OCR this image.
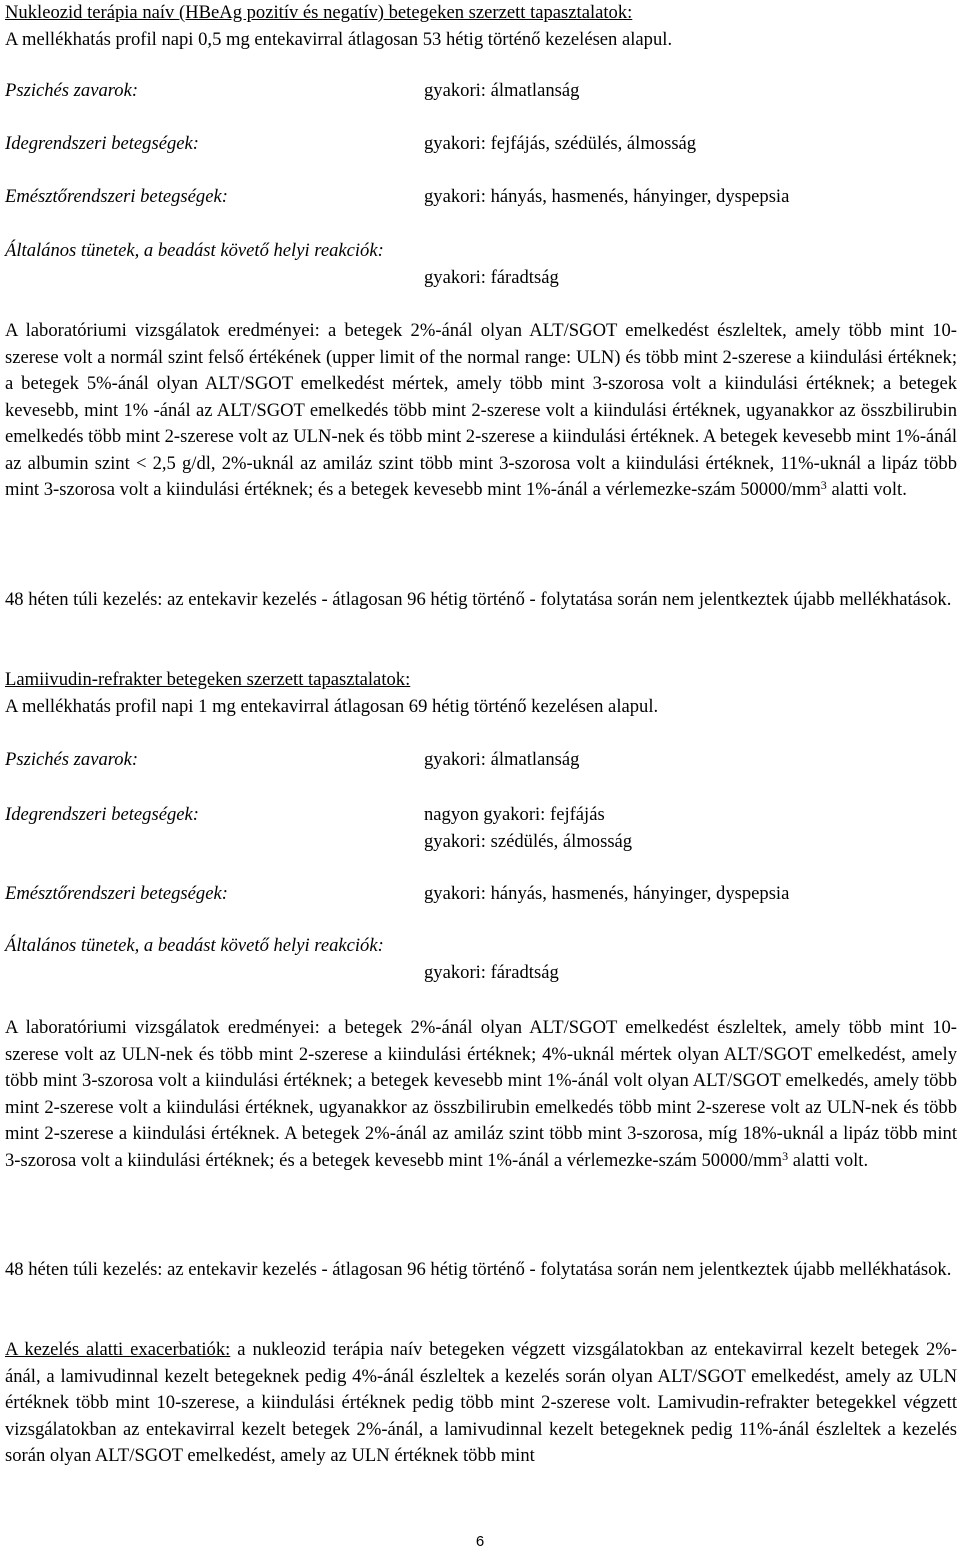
Nukleozid terápia naív (HBeAg pozitív és negatív) betegeken szerzett tapasztalatok:
A mellékhatás profil napi 0,5 mg entekavirral átlagosan 53 hétig történő kezelésen alapul.

Pszichés zavarok:	gyakori: álmatlanság

Idegrendszeri betegségek:	gyakori: fejfájás, szédülés, álmosság

Emésztőrendszeri betegségek:	gyakori: hányás, hasmenés, hányinger, dyspepsia

Általános tünetek, a beadást követő helyi reakciók:

gyakori: fáradtság

A laboratóriumi vizsgálatok eredményei: a betegek 2%-ánál olyan ALT/SGOT emelkedést észleltek, amely több mint 10-szerese volt a normál szint felső értékének (upper limit of the normal range: ULN) és több mint 2-szerese a kiindulási értéknek; a betegek 5%-ánál olyan ALT/SGOT emelkedést mértek, amely több mint 3-szorosa volt a kiindulási értéknek; a betegek kevesebb, mint 1% -ánál az ALT/SGOT emelkedés több mint 2-szerese volt a kiindulási értéknek, ugyanakkor az összbilirubin emelkedés több mint 2-szerese volt az ULN-nek és több mint 2-szerese a kiindulási értéknek. A betegek kevesebb mint 1%-ánál az albumin szint < 2,5 g/dl, 2%-uknál az amiláz szint több mint 3-szorosa volt a kiindulási értéknek, 11%-uknál a lipáz több mint 3-szorosa volt a kiindulási értéknek; és a betegek kevesebb mint 1%-ánál a vérlemezke-szám $50000/mm^3$ alatti volt.

48 héten túli kezelés: az entekavir kezelés - átlagosan 96 hétig történő - folytatása során nem jelentkeztek újabb mellékhatások.

Lamiivudin-refrakter betegeken szerzett tapasztalatok:
A mellékhatás profil napi 1 mg entekavirral átlagosan 69 hétig történő kezelésen alapul.

Pszichés zavarok:	gyakori: álmatlanság

Idegrendszeri betegségek:	nagyon gyakori: fejfájás
gyakori: szédülés, álmosság

Emésztőrendszeri betegségek:	gyakori: hányás, hasmenés, hányinger, dyspepsia

Általános tünetek, a beadást követő helyi reakciók:

gyakori: fáradtság

A laboratóriumi vizsgálatok eredményei: a betegek 2%-ánál olyan ALT/SGOT emelkedést észleltek, amely több mint 10-szerese volt az ULN-nek és több mint 2-szerese a kiindulási értéknek; 4%-uknál mértek olyan ALT/SGOT emelkedést, amely több mint 3-szorosa volt a kiindulási értéknek; a betegek kevesebb mint 1%-ánál volt olyan ALT/SGOT emelkedés, amely több mint 2-szerese volt a kiindulási értéknek, ugyanakkor az összbilirubin emelkedés több mint 2-szerese volt az ULN-nek és több mint 2-szerese a kiindulási értéknek. A betegek 2%-ánál az amiláz szint több mint 3-szorosa, míg 18%-uknál a lipáz több mint 3-szorosa volt a kiindulási értéknek; és a betegek kevesebb mint 1%-ánál a vérlemezke-szám $50000/mm^3$ alatti volt.

48 héten túli kezelés: az entekavir kezelés - átlagosan 96 hétig történő - folytatása során nem jelentkeztek újabb mellékhatások.

A kezelés alatti exacerbatiók: a nukleozid terápia naív betegeken végzett vizsgálatokban az entekavirral kezelt betegek 2%-ánál, a lamivudinnal kezelt betegeknek pedig 4%-ánál észleltek a kezelés során olyan ALT/SGOT emelkedést, amely az ULN értéknek több mint 10-szerese, a kiindulási értéknek pedig több mint 2-szerese volt. Lamivudin-refrakter betegekkel végzett vizsgálatokban az entekavirral kezelt betegek 2%-ánál, a lamivudinnal kezelt betegeknek pedig 11%-ánál észleltek a kezelés során olyan ALT/SGOT emelkedést, amely az ULN értéknek több mint

6
